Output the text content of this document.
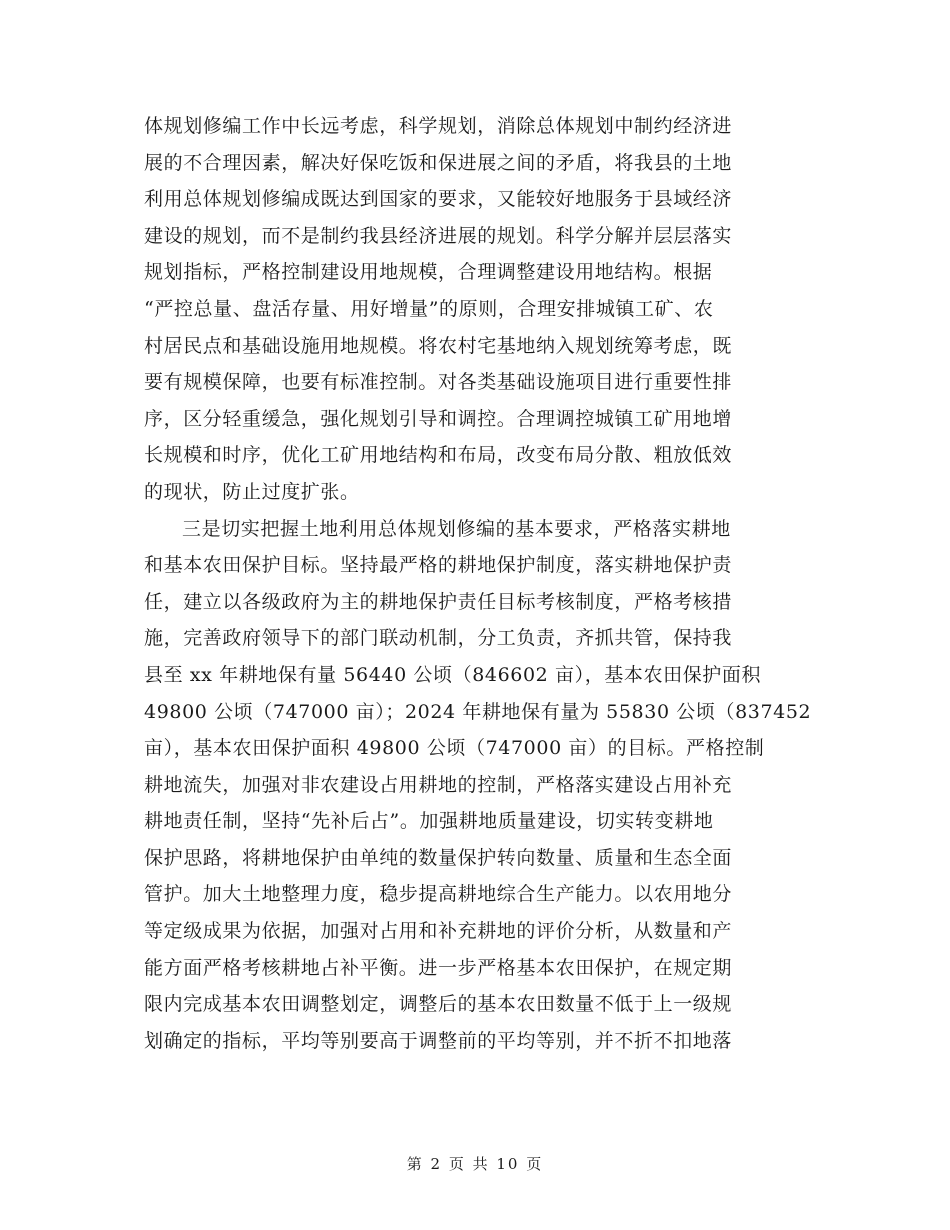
体规划修编工作中长远考虑，科学规划，消除总体规划中制约经济进
展的不合理因素，解决好保吃饭和保进展之间的矛盾，将我县的土地
利用总体规划修编成既达到国家的要求，又能较好地服务于县域经济
建设的规划，而不是制约我县经济进展的规划。科学分解并层层落实
规划指标，严格控制建设用地规模，合理调整建设用地结构。根据
“严控总量、盘活存量、用好增量”的原则，合理安排城镇工矿、农
村居民点和基础设施用地规模。将农村宅基地纳入规划统筹考虑，既
要有规模保障，也要有标准控制。对各类基础设施项目进行重要性排
序，区分轻重缓急，强化规划引导和调控。合理调控城镇工矿用地增
长规模和时序，优化工矿用地结构和布局，改变布局分散、粗放低效
的现状，防止过度扩张。
三是切实把握土地利用总体规划修编的基本要求，严格落实耕地
和基本农田保护目标。坚持最严格的耕地保护制度，落实耕地保护责
任，建立以各级政府为主的耕地保护责任目标考核制度，严格考核措
施，完善政府领导下的部门联动机制，分工负责，齐抓共管，保持我
县至 xx 年耕地保有量 56440 公顷（846602 亩），基本农田保护面积
49800 公顷（747000 亩）；2024 年耕地保有量为 55830 公顷（837452
亩），基本农田保护面积 49800 公顷（747000 亩）的目标。严格控制
耕地流失，加强对非农建设占用耕地的控制，严格落实建设占用补充
耕地责任制，坚持“先补后占”。加强耕地质量建设，切实转变耕地
保护思路，将耕地保护由单纯的数量保护转向数量、质量和生态全面
管护。加大土地整理力度，稳步提高耕地综合生产能力。以农用地分
等定级成果为依据，加强对占用和补充耕地的评价分析，从数量和产
能方面严格考核耕地占补平衡。进一步严格基本农田保护，在规定期
限内完成基本农田调整划定，调整后的基本农田数量不低于上一级规
划确定的指标，平均等别要高于调整前的平均等别，并不折不扣地落
第 2 页 共 10 页
